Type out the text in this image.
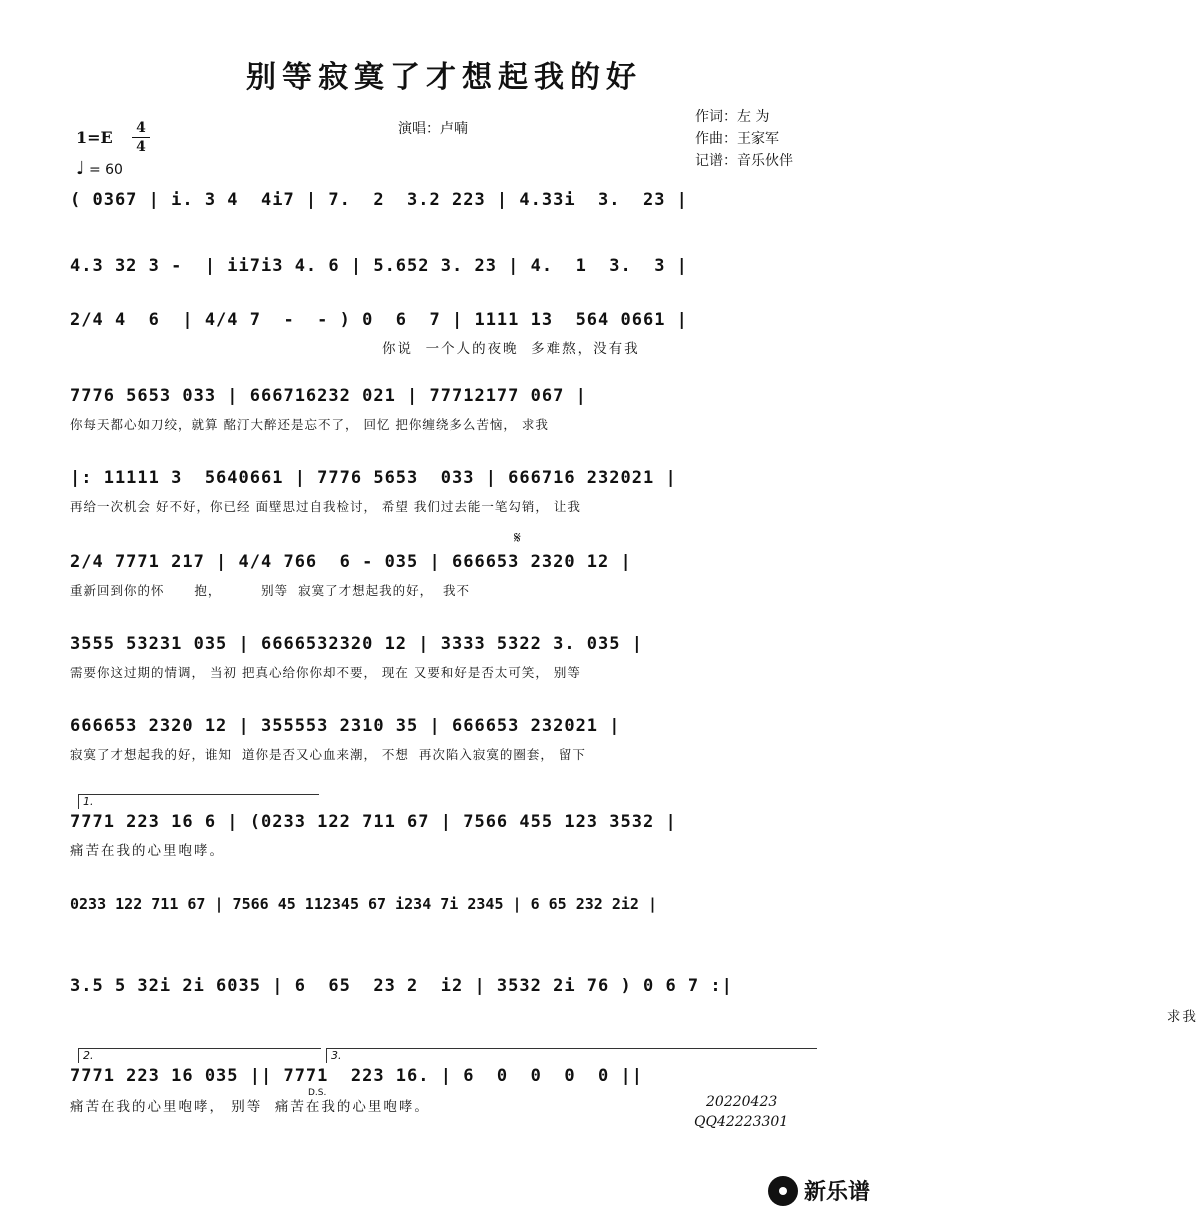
别等寂寞了才想起我的好
演唱：卢喃
作词：左 为
作曲：王家军
记谱：音乐伙伴
1=E 4
4
♩ = 60
( 0367 | i. 3 4  4i7 | 7.  2  3.2 223 | 4.33i  3.  23 |
4.3 32 3 -  | ii7i3 4. 6 | 5.652 3. 23 | 4.  1  3.  3 |
2/4 4  6  | 4/4 7  -  - ) 0  6  7 | 1111 13  564 0661 |
你说  一个人的夜晚  多难熬，没有我
7776 5653 033 | 666716232 021 | 77712177 067 |
你每天都心如刀绞，就算 酩汀大醉还是忘不了， 回忆 把你缠绕多么苦恼， 求我
|: 11111 3  5640661 | 7776 5653  033 | 666716 232021 |
再给一次机会 好不好，你已经 面壁思过自我检讨， 希望 我们过去能一笔勾销， 让我
𝄋
2/4 7771 217 | 4/4 766  6 - 035 | 666653 2320 12 |
重新回到你的怀      抱，        别等  寂寞了才想起我的好，  我不
3555 53231 035 | 6666532320 12 | 3333 5322 3. 035 |
需要你这过期的情调， 当初 把真心给你你却不要， 现在 又要和好是否太可笑， 别等
666653 2320 12 | 355553 2310 35 | 666653 232021 |
寂寞了才想起我的好，谁知  道你是否又心血来潮， 不想  再次陷入寂寞的圈套， 留下
1.
7771 223 16 6 | (0233 122 711 67 | 7566 455 123 3532 |
痛苦在我的心里咆哮。
0233 122 711 67 | 7566 45 112345 67 i234 7i 2345 | 6 65 232 2i2 |
3.5 5 32i 2i 6035 | 6  65  23 2  i2 | 3532 2i 76 ) 0 6 7 :|
求我
2.	3.
7771 223 16 035 || 7771  223 16. | 6  0  0  0  0 ||
痛苦在我的心里咆哮， 别等  痛苦在我的心里咆哮。
D.S.
20220423
QQ42223301
新乐谱
